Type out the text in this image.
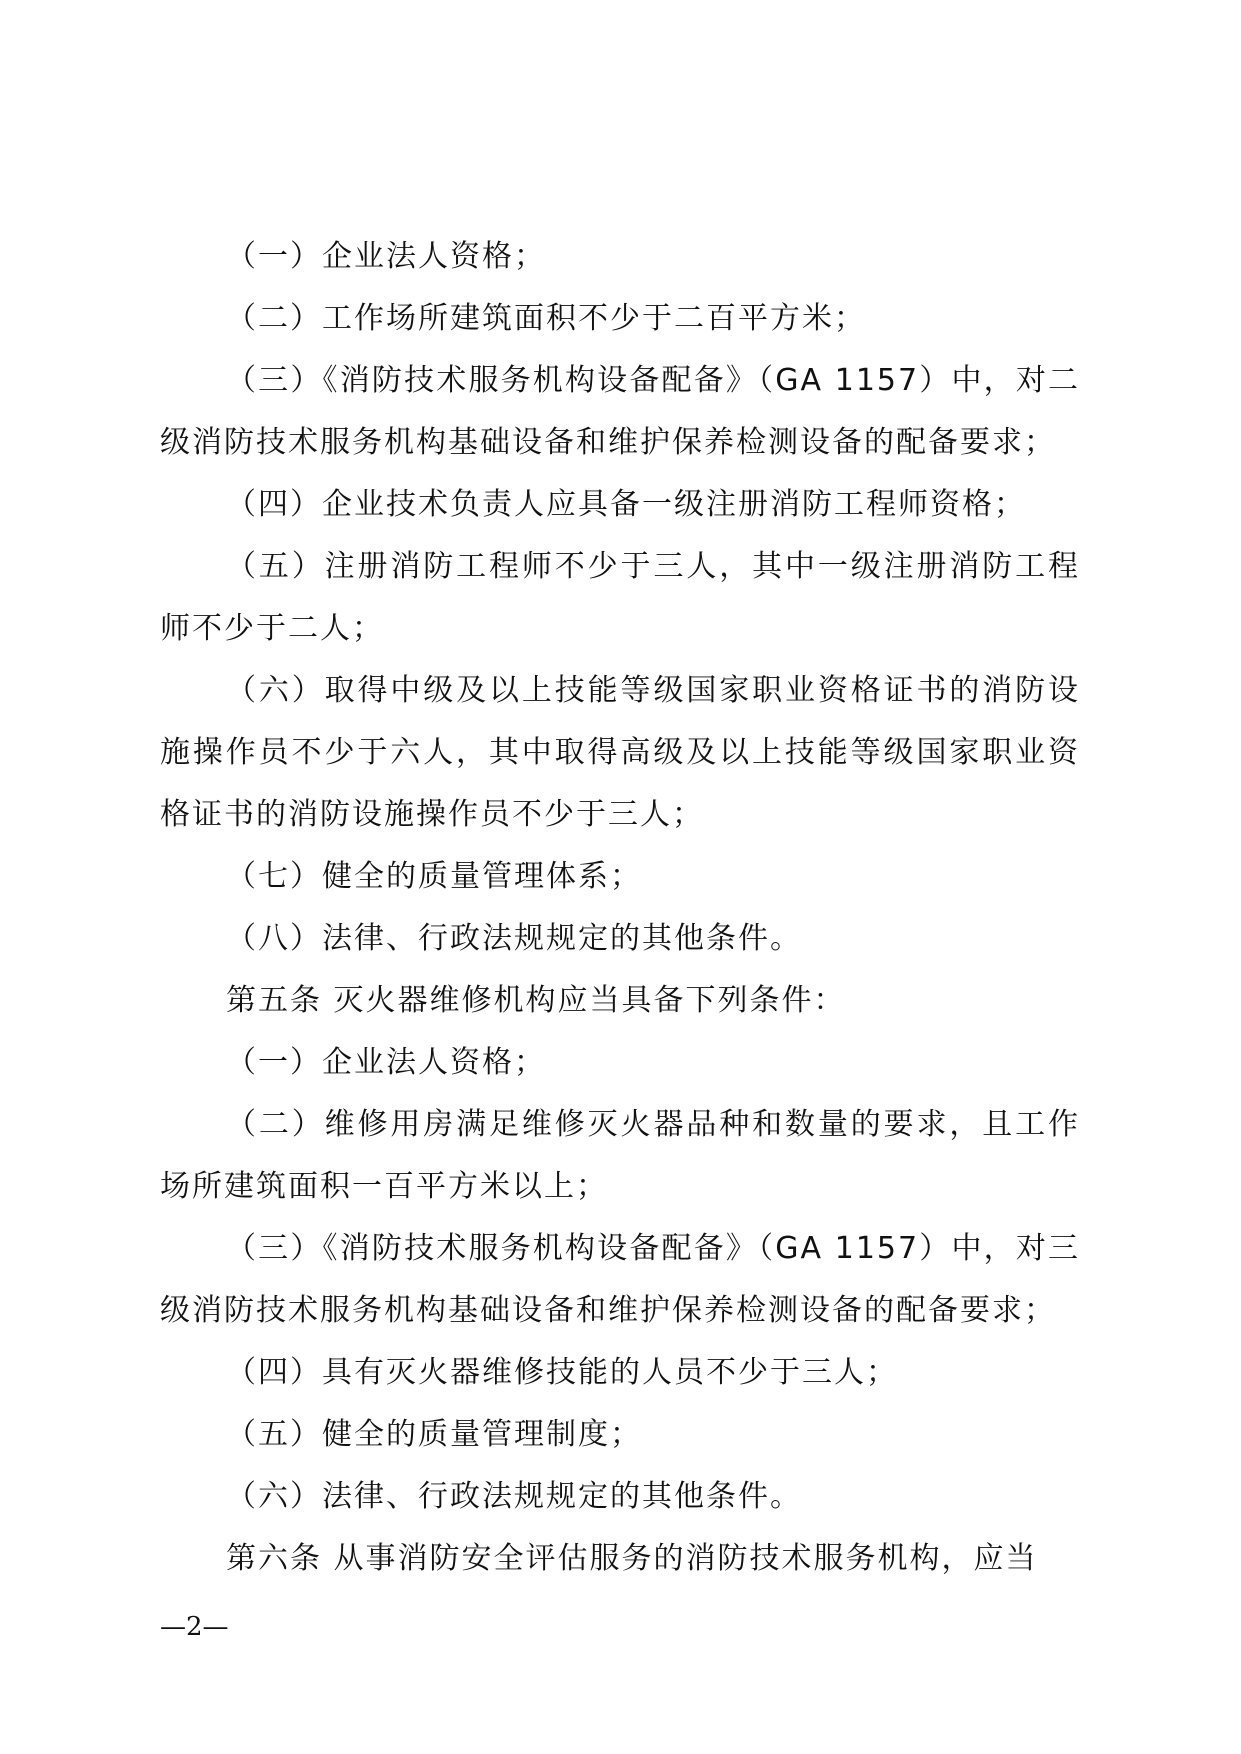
（一）企业法人资格；

（二）工作场所建筑面积不少于二百平方米；

（三）《消防技术服务机构设备配备》（GA 1157）中，对二级消防技术服务机构基础设备和维护保养检测设备的配备要求；

（四）企业技术负责人应具备一级注册消防工程师资格；

（五）注册消防工程师不少于三人，其中一级注册消防工程师不少于二人；

（六）取得中级及以上技能等级国家职业资格证书的消防设施操作员不少于六人，其中取得高级及以上技能等级国家职业资格证书的消防设施操作员不少于三人；

（七）健全的质量管理体系；

（八）法律、行政法规规定的其他条件。

第五条 灭火器维修机构应当具备下列条件：

（一）企业法人资格；

（二）维修用房满足维修灭火器品种和数量的要求，且工作场所建筑面积一百平方米以上；

（三）《消防技术服务机构设备配备》（GA 1157）中，对三级消防技术服务机构基础设备和维护保养检测设备的配备要求；

（四）具有灭火器维修技能的人员不少于三人；

（五）健全的质量管理制度；

（六）法律、行政法规规定的其他条件。

第六条 从事消防安全评估服务的消防技术服务机构，应当

—2—
